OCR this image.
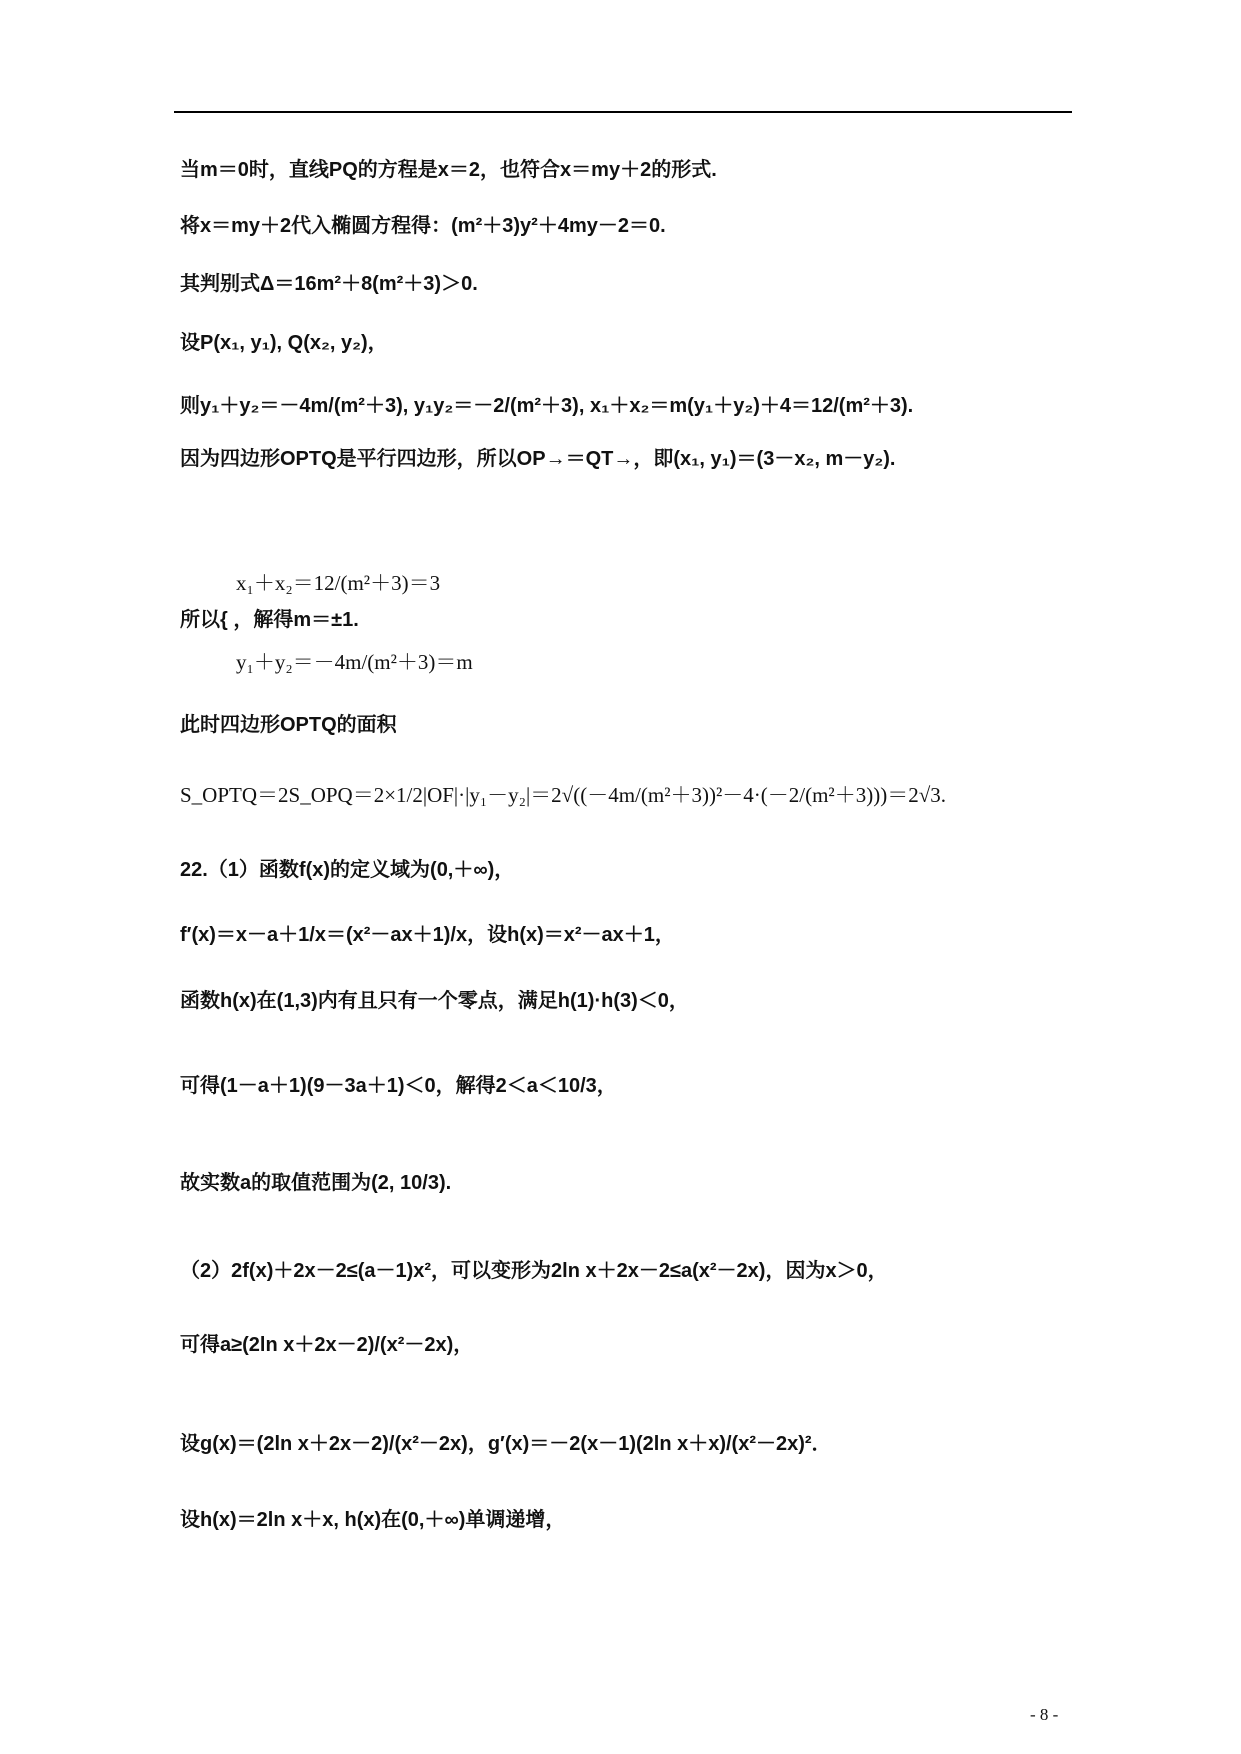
当m＝0时，直线PQ的方程是x＝2，也符合x＝my＋2的形式.
将x＝my＋2代入椭圆方程得：(m²＋3)y²＋4my－2＝0.
其判别式Δ＝16m²＋8(m²＋3)＞0.
设P(x₁, y₁), Q(x₂, y₂)，
则y₁＋y₂＝－4m/(m²＋3), y₁y₂＝－2/(m²＋3), x₁＋x₂＝m(y₁＋y₂)＋4＝12/(m²＋3).
因为四边形OPTQ是平行四边形，所以OP→＝QT→，即(x₁, y₁)＝(3－x₂, m－y₂).
x₁＋x₂＝12/(m²＋3)＝3
所以{ ，解得m＝±1.
y₁＋y₂＝－4m/(m²＋3)＝m
此时四边形OPTQ的面积
S_OPTQ＝2S_OPQ＝2×1/2|OF|·|y₁－y₂|＝2√((－4m/(m²＋3))²－4·(－2/(m²＋3)))＝2√3.
22.（1）函数f(x)的定义域为(0,＋∞)，
f′(x)＝x－a＋1/x＝(x²－ax＋1)/x，设h(x)＝x²－ax＋1，
函数h(x)在(1,3)内有且只有一个零点，满足h(1)·h(3)＜0，
可得(1－a＋1)(9－3a＋1)＜0，解得2＜a＜10/3，
故实数a的取值范围为(2, 10/3).
（2）2f(x)＋2x－2≤(a－1)x²，可以变形为2ln x＋2x－2≤a(x²－2x)，因为x＞0，
可得a≥(2ln x＋2x－2)/(x²－2x)，
设g(x)＝(2ln x＋2x－2)/(x²－2x)，g′(x)＝－2(x－1)(2ln x＋x)/(x²－2x)²．
设h(x)＝2ln x＋x, h(x)在(0,＋∞)单调递增，
- 8 -
